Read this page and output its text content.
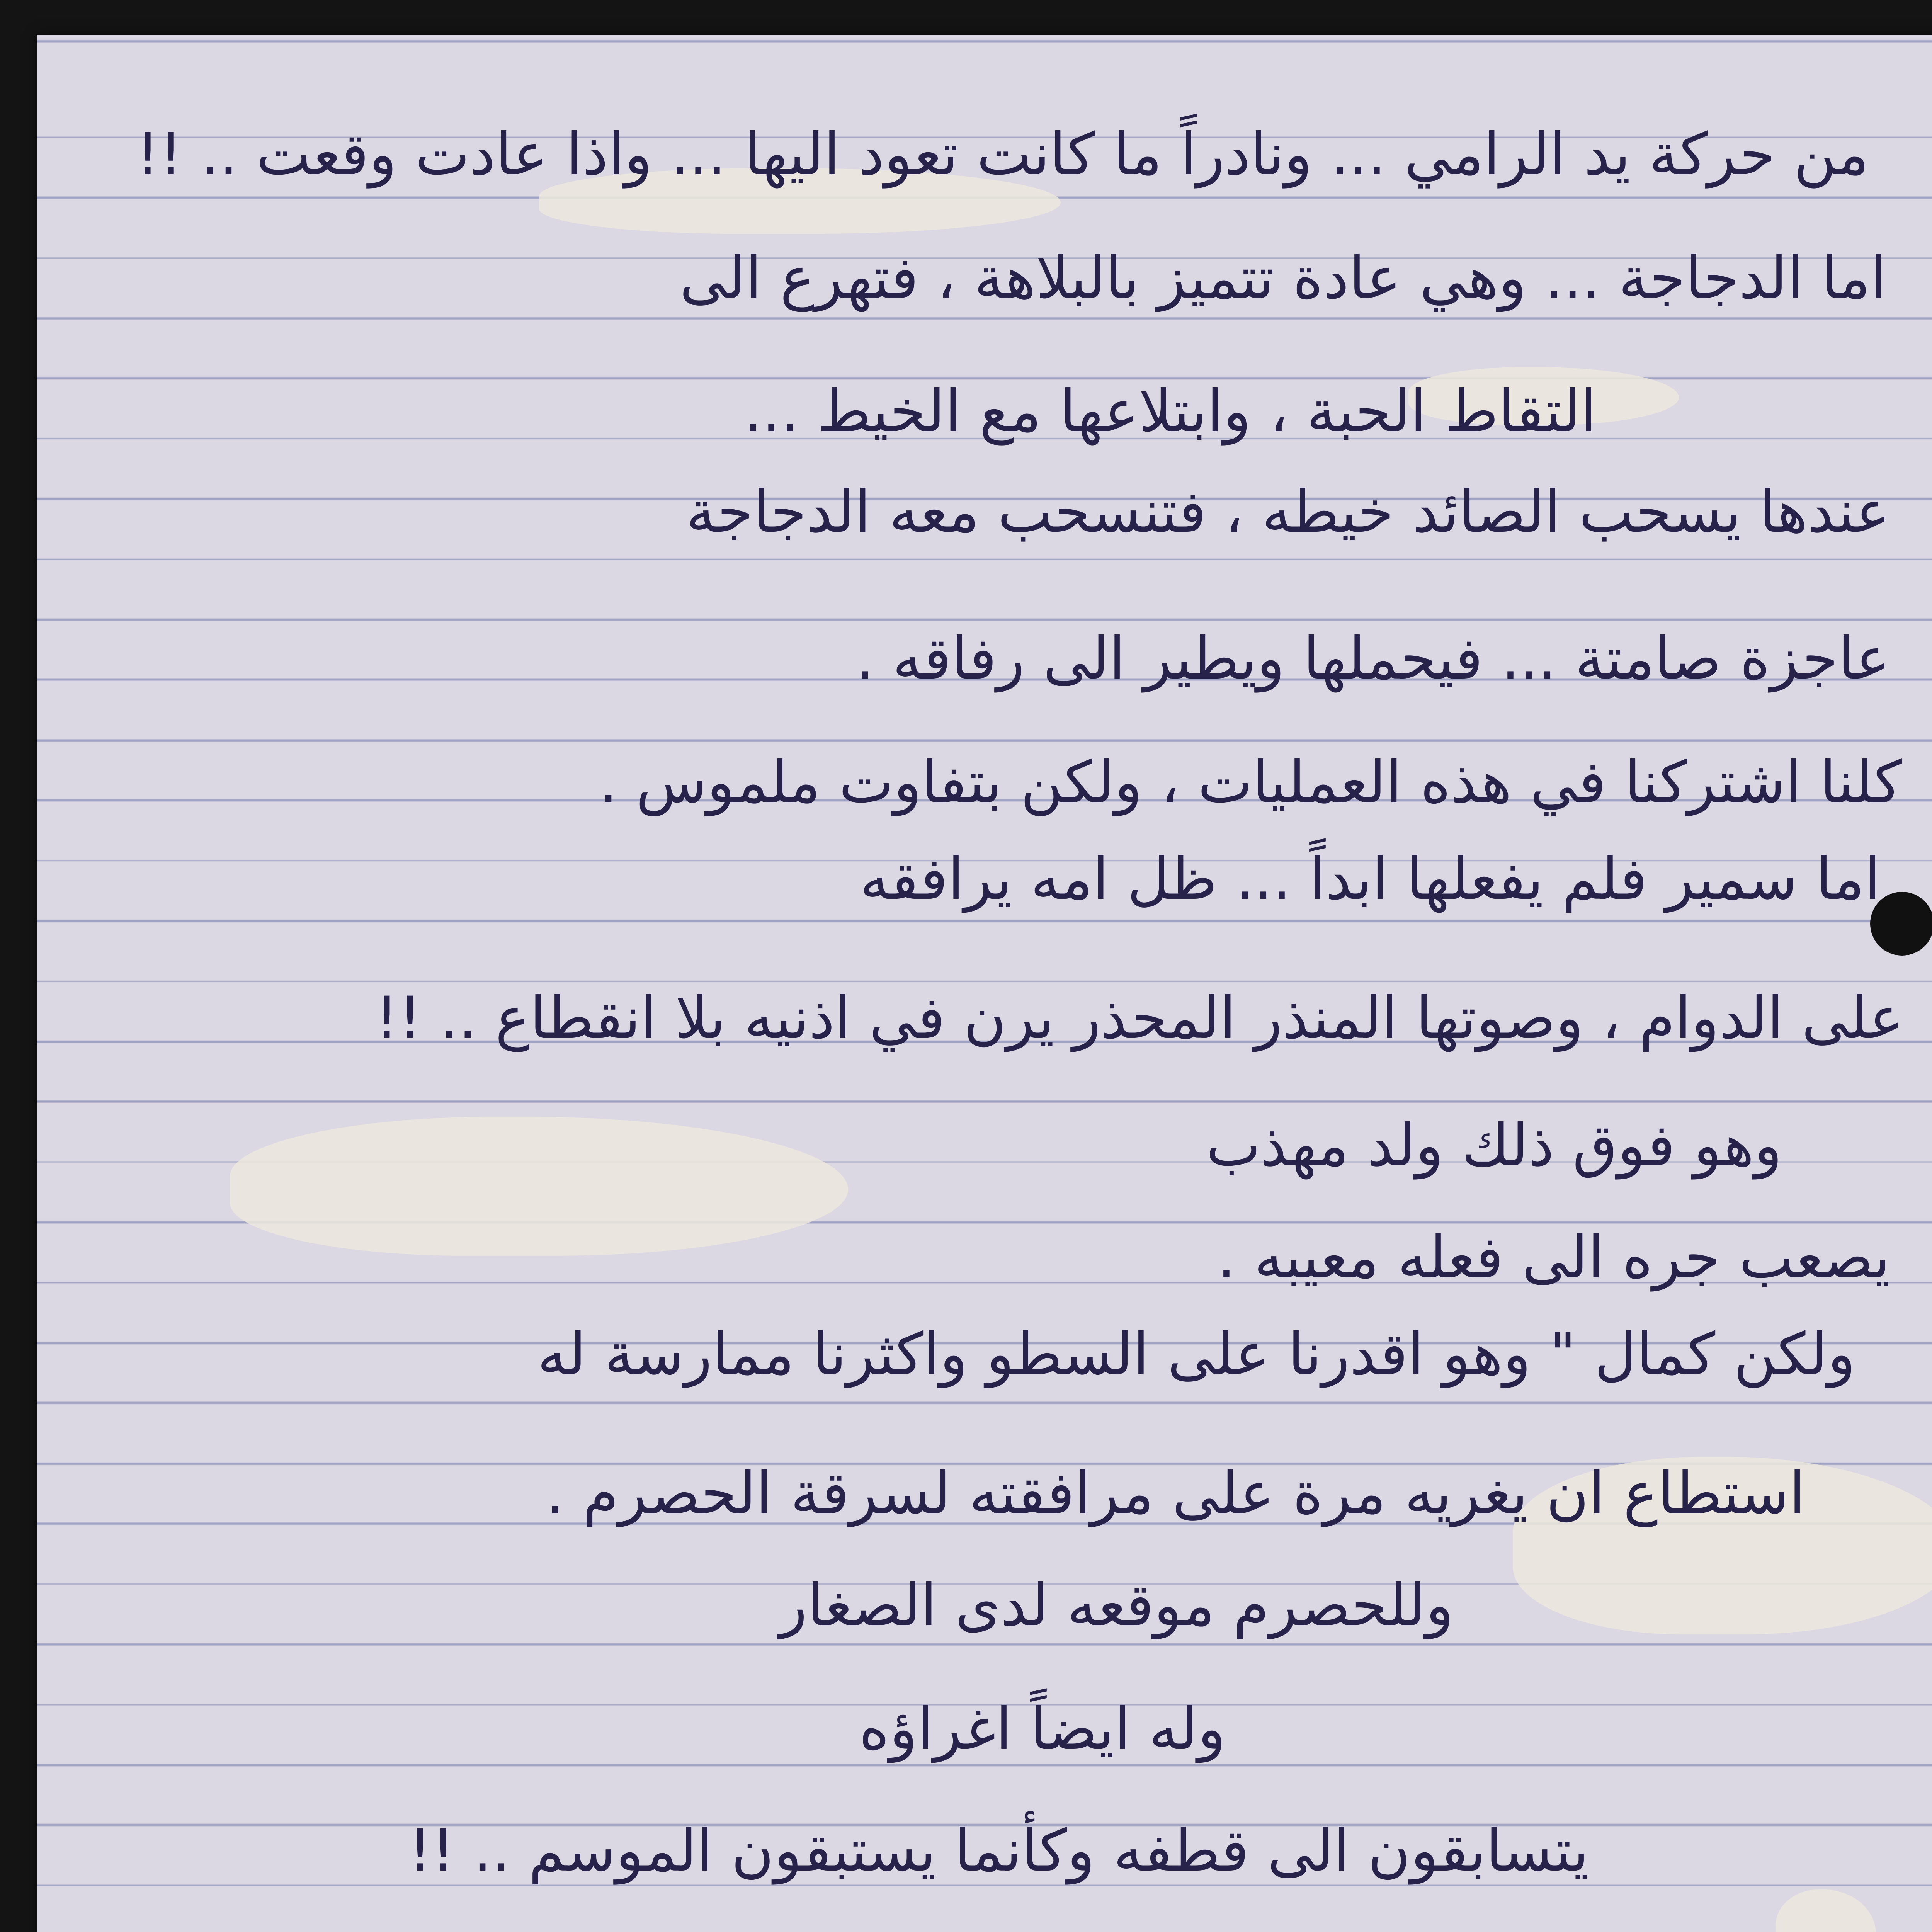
من حركة يد الرامي ... ونادراً ما كانت تعود اليها ... واذا عادت وقعت .. !!

اما الدجاجة ... وهي عادة تتميز بالبلاهة ، فتهرع الى

التقاط الحبة ، وابتلاعها مع الخيط ...

عندها يسحب الصائد خيطه ، فتنسحب معه الدجاجة

عاجزة صامتة ... فيحملها ويطير الى رفاقه .

كلنا اشتركنا في هذه العمليات ، ولكن بتفاوت ملموس .

اما سمير فلم يفعلها ابداً ... ظل امه يرافقه

على الدوام ، وصوتها المنذر المحذر يرن في اذنيه بلا انقطاع .. !!

وهو فوق ذلك ولد مهذب

يصعب جره الى فعله معيبه .

ولكن كمال " وهو اقدرنا على السطو واكثرنا ممارسة له

استطاع ان يغريه مرة على مرافقته لسرقة الحصرم .

وللحصرم موقعه لدى الصغار

وله ايضاً اغراؤه

يتسابقون الى قطفه وكأنما يستبقون الموسم .. !!
